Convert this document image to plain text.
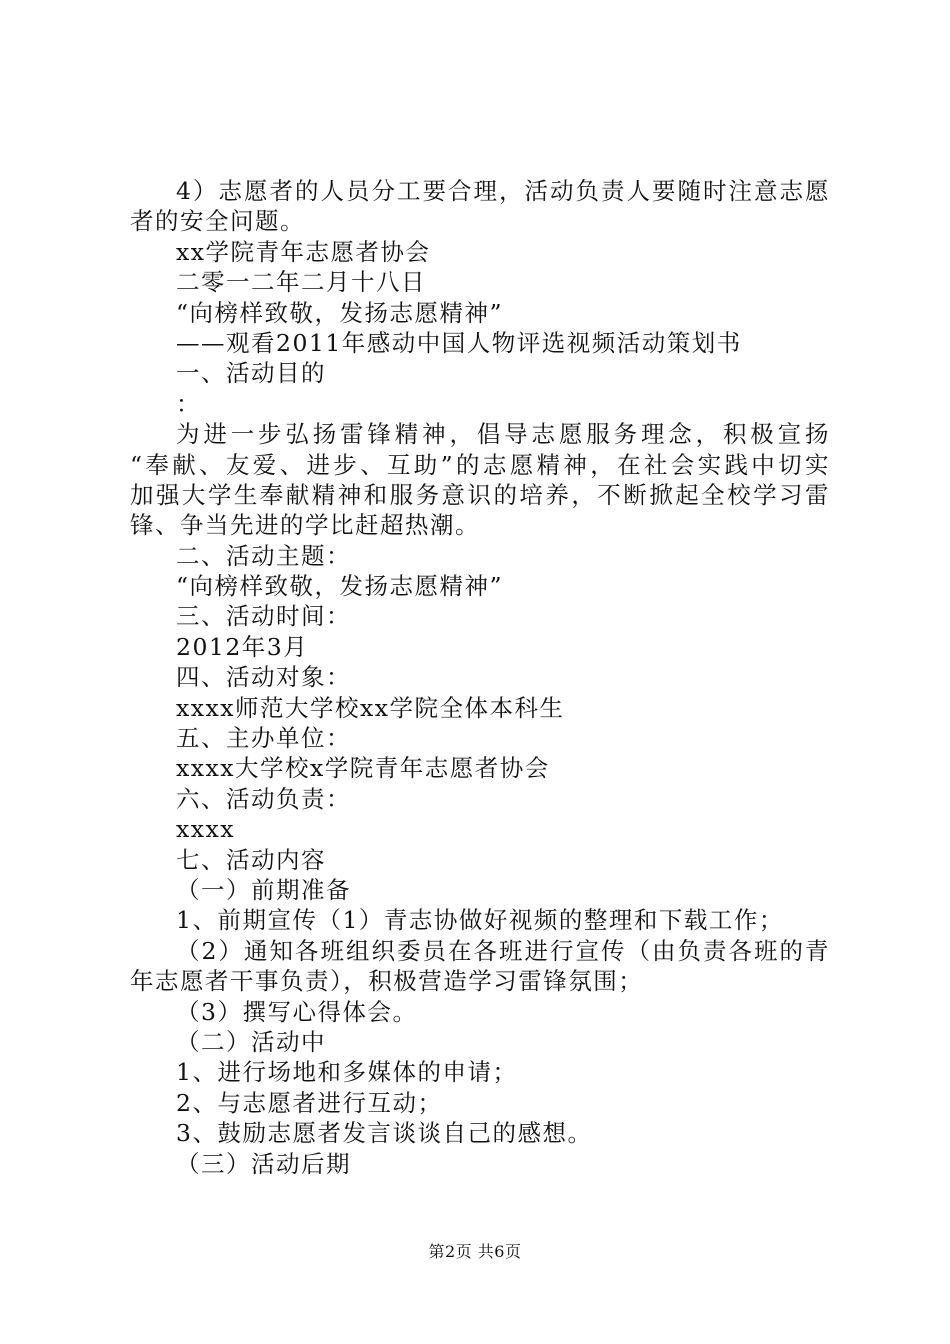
4）志愿者的人员分工要合理，活动负责人要随时注意志愿
者的安全问题。
xx学院青年志愿者协会
二零一二年二月十八日
“向榜样致敬，发扬志愿精神”
——观看2011年感动中国人物评选视频活动策划书
一、活动目的
：
为进一步弘扬雷锋精神，倡导志愿服务理念，积极宣扬
“奉献、友爱、进步、互助”的志愿精神，在社会实践中切实
加强大学生奉献精神和服务意识的培养，不断掀起全校学习雷
锋、争当先进的学比赶超热潮。
二、活动主题：
“向榜样致敬，发扬志愿精神”
三、活动时间：
2012年3月
四、活动对象：
xxxx师范大学校xx学院全体本科生
五、主办单位：
xxxx大学校x学院青年志愿者协会
六、活动负责：
xxxx
七、活动内容
（一）前期准备
1、前期宣传（1）青志协做好视频的整理和下载工作；
（2）通知各班组织委员在各班进行宣传（由负责各班的青
年志愿者干事负责），积极营造学习雷锋氛围；
（3）撰写心得体会。
（二）活动中
1、进行场地和多媒体的申请；
2、与志愿者进行互动；
3、鼓励志愿者发言谈谈自己的感想。
（三）活动后期
第2页 共6页
